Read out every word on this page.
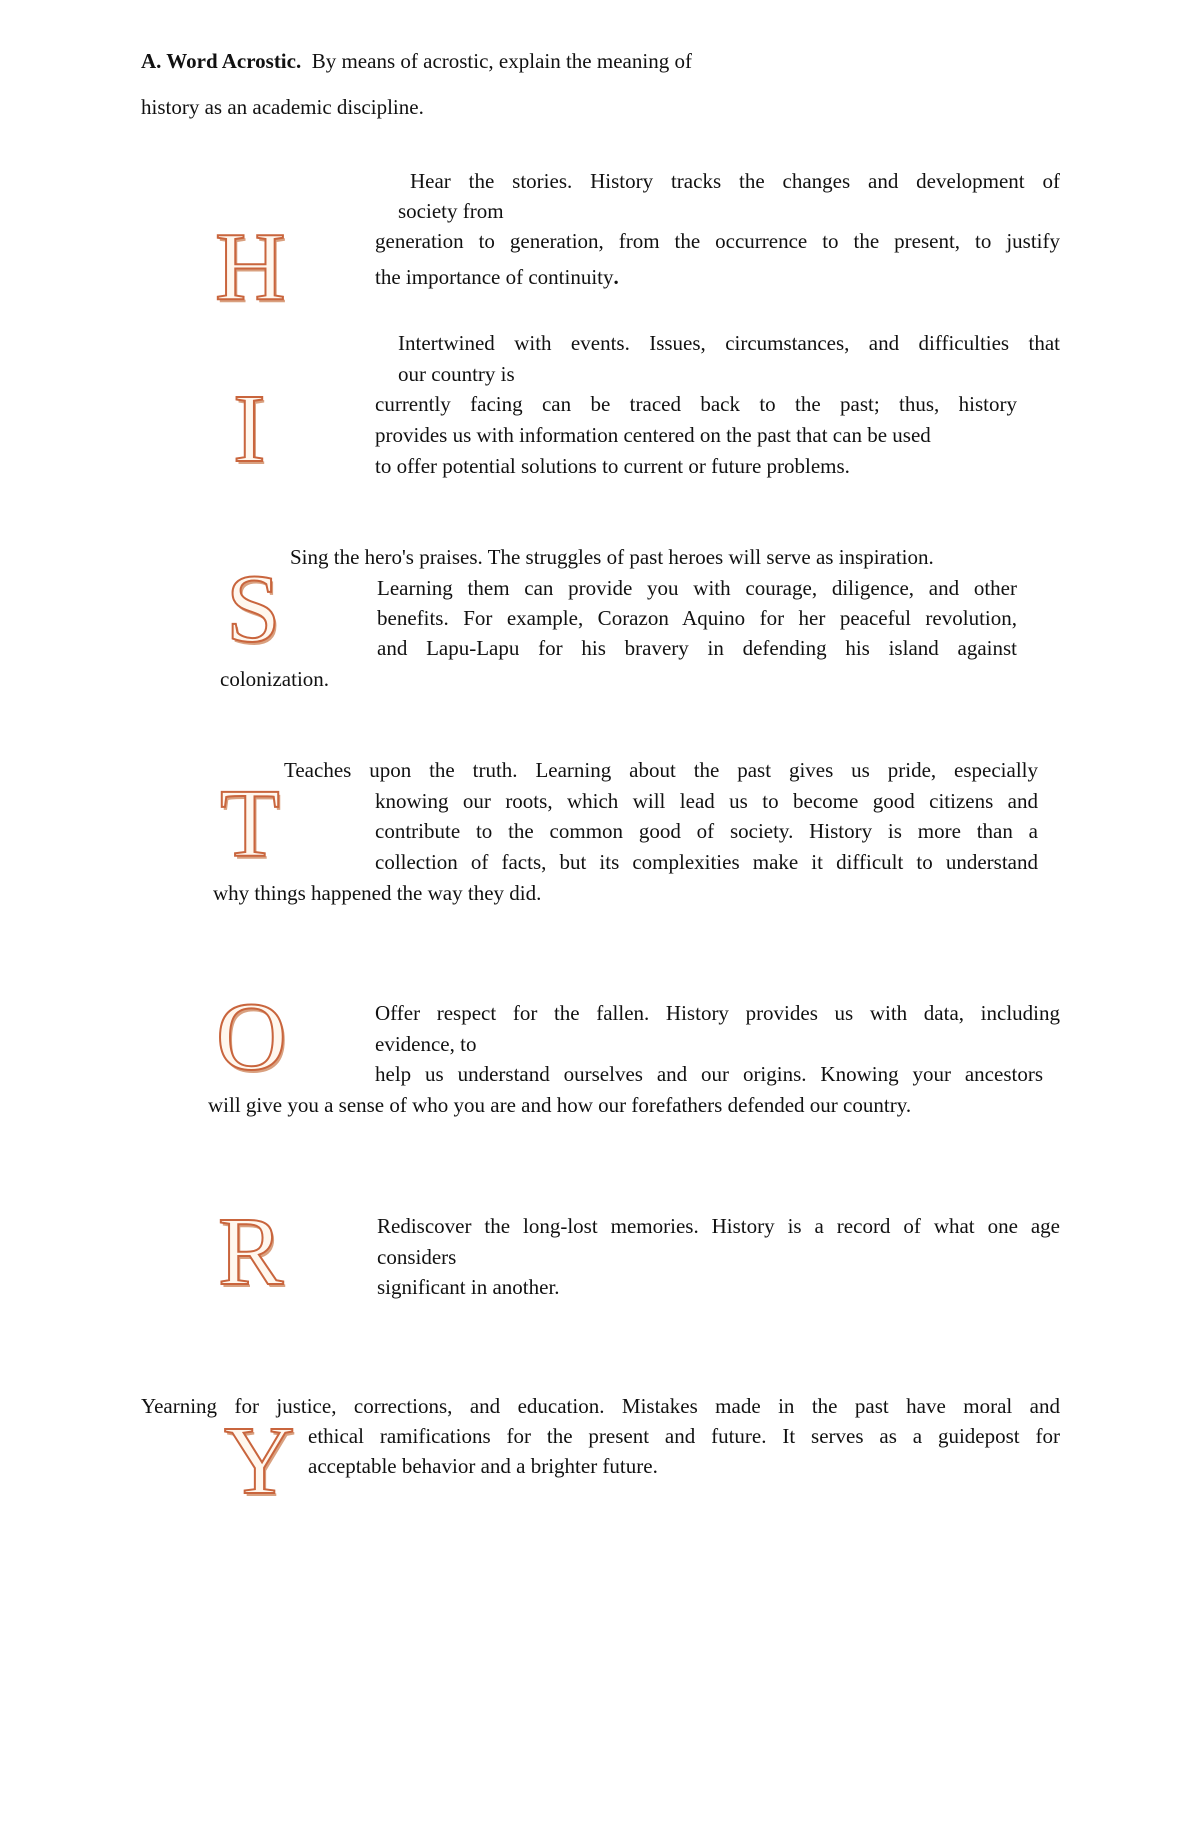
A. Word Acrostic. By means of acrostic, explain the meaning of
history as an academic discipline.
H
Hear the stories. History tracks the changes and development of
society from
generation to generation, from the occurrence to the present, to justify
the importance of continuity.
I
Intertwined with events. Issues, circumstances, and difficulties that
our country is
currently facing can be traced back to the past; thus, history
provides us with information centered on the past that can be used
to offer potential solutions to current or future problems.
S Sing the hero's praises. The struggles of past heroes will serve as inspiration.
Learning them can provide you with courage, diligence, and other
benefits. For example, Corazon Aquino for her peaceful revolution,
and Lapu-Lapu for his bravery in defending his island against
colonization.
T Teaches upon the truth. Learning about the past gives us pride, especially
knowing our roots, which will lead us to become good citizens and
contribute to the common good of society. History is more than a
collection of facts, but its complexities make it difficult to understand
why things happened the way they did.
O	Offer respect for the fallen. History provides us with data, including
evidence, to
help us understand ourselves and our origins. Knowing your ancestors
will give you a sense of who you are and how our forefathers defended our country.
R	Rediscover the long-lost memories. History is a record of what one age
considers
significant in another.
Y
Yearning for justice, corrections, and education. Mistakes made in the past have moral and
ethical ramifications for the present and future. It serves as a guidepost for
acceptable behavior and a brighter future.
